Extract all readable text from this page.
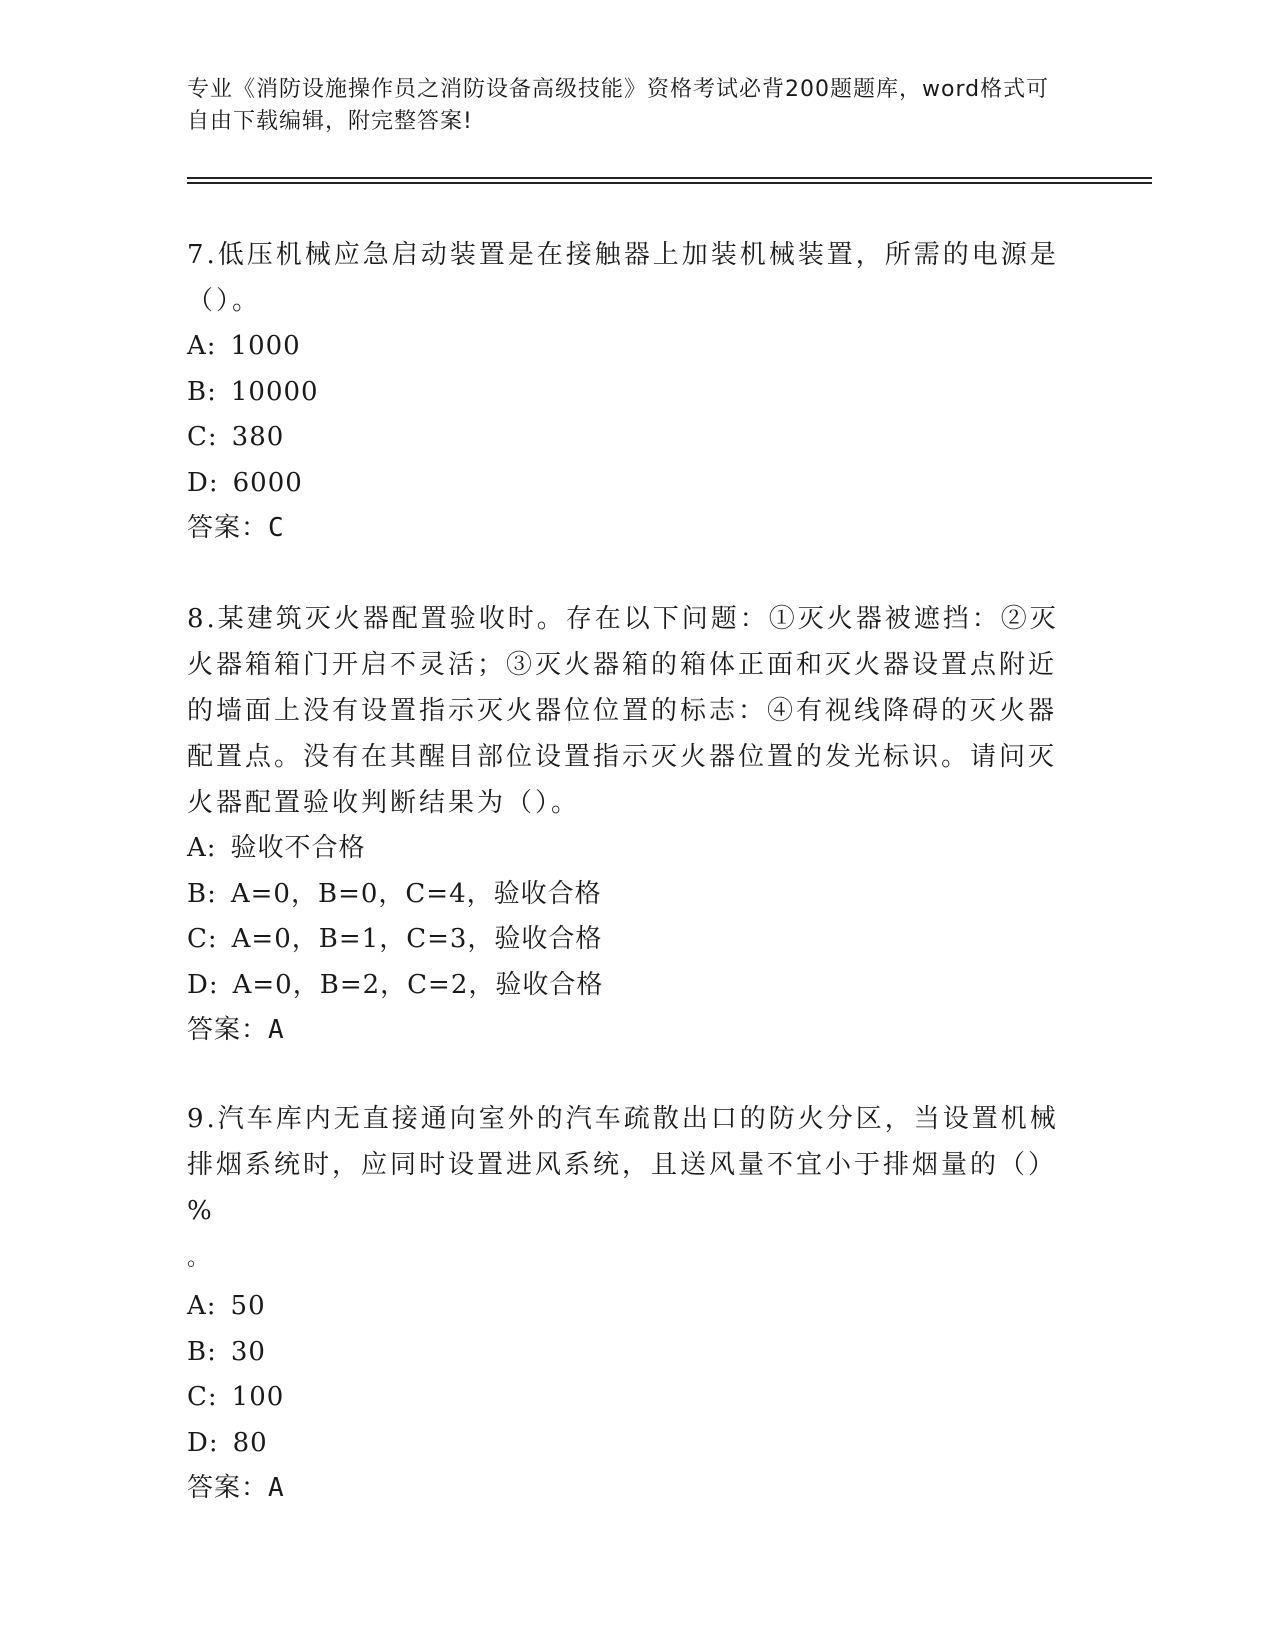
专业《消防设施操作员之消防设备高级技能》资格考试必背200题题库，word格式可自由下载编辑，附完整答案!

7.低压机械应急启动装置是在接触器上加装机械装置，所需的电源是（）。

A: 1000
B: 10000
C: 380
D: 6000
答案：C

8.某建筑灭火器配置验收时。存在以下问题：①灭火器被遮挡：②灭火器箱箱门开启不灵活；③灭火器箱的箱体正面和灭火器设置点附近的墙面上没有设置指示灭火器位位置的标志：④有视线降碍的灭火器配置点。没有在其醒目部位设置指示灭火器位置的发光标识。请问灭火器配置验收判断结果为（）。

A: 验收不合格
B: A=0，B=0，C=4，验收合格
C: A=0，B=1，C=3，验收合格
D: A=0，B=2，C=2，验收合格
答案：A

9.汽车库内无直接通向室外的汽车疏散出口的防火分区，当设置机械排烟系统时，应同时设置进风系统，且送风量不宜小于排烟量的（）%
。

A: 50
B: 30
C: 100
D: 80
答案：A
